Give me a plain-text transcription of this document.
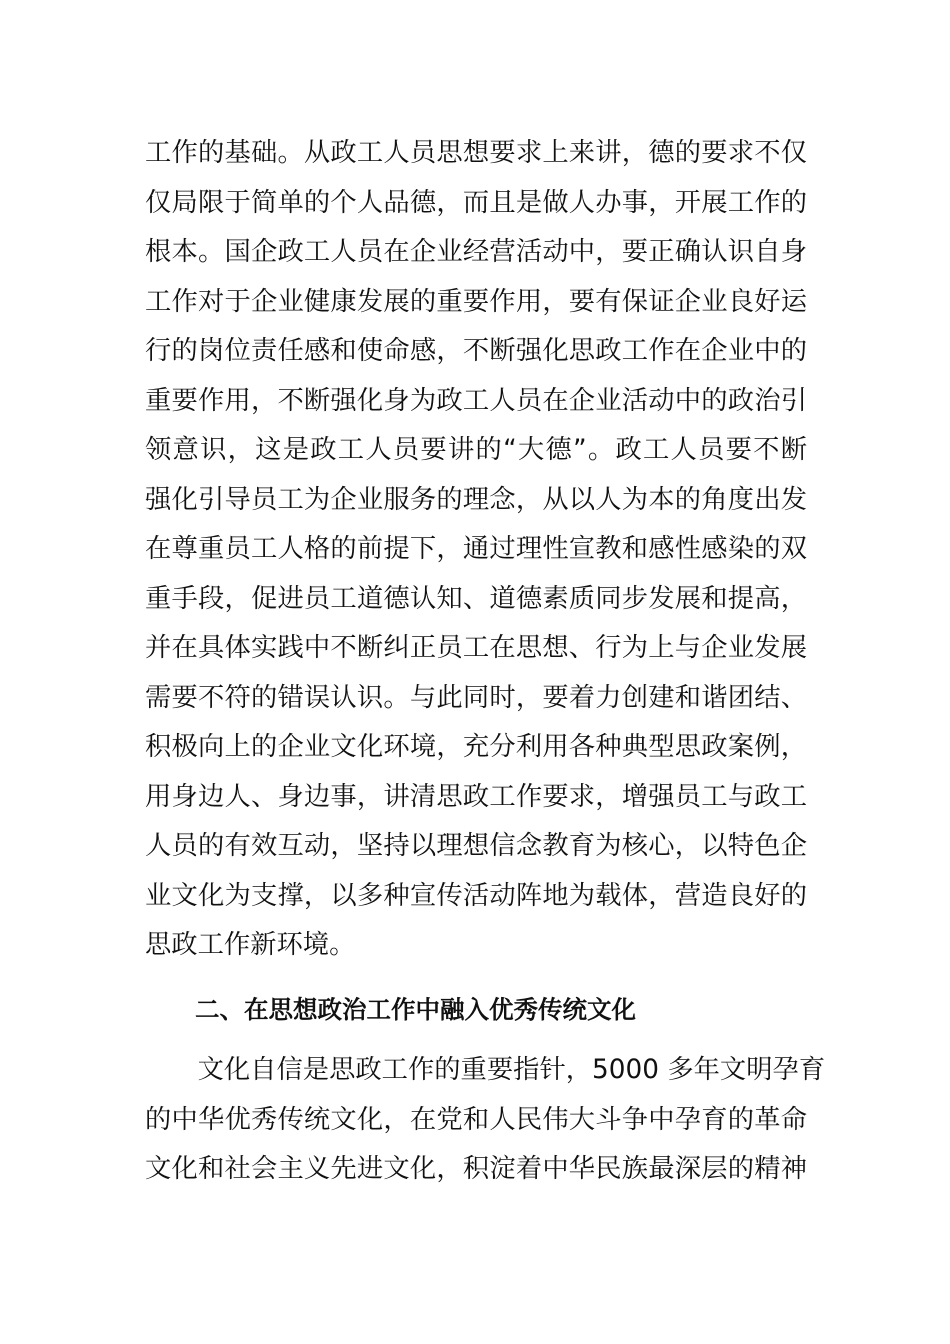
工作的基础。从政工人员思想要求上来讲，德的要求不仅
仅局限于简单的个人品德，而且是做人办事，开展工作的
根本。国企政工人员在企业经营活动中，要正确认识自身
工作对于企业健康发展的重要作用，要有保证企业良好运
行的岗位责任感和使命感，不断强化思政工作在企业中的
重要作用，不断强化身为政工人员在企业活动中的政治引
领意识，这是政工人员要讲的“大德”。政工人员要不断
强化引导员工为企业服务的理念，从以人为本的角度出发
在尊重员工人格的前提下，通过理性宣教和感性感染的双
重手段，促进员工道德认知、道德素质同步发展和提高，
并在具体实践中不断纠正员工在思想、行为上与企业发展
需要不符的错误认识。与此同时，要着力创建和谐团结、
积极向上的企业文化环境，充分利用各种典型思政案例，
用身边人、身边事，讲清思政工作要求，增强员工与政工
人员的有效互动，坚持以理想信念教育为核心，以特色企
业文化为支撑，以多种宣传活动阵地为载体，营造良好的
思政工作新环境。
二、在思想政治工作中融入优秀传统文化
　　文化自信是思政工作的重要指针，5000 多年文明孕育
的中华优秀传统文化，在党和人民伟大斗争中孕育的革命
文化和社会主义先进文化，积淀着中华民族最深层的精神
